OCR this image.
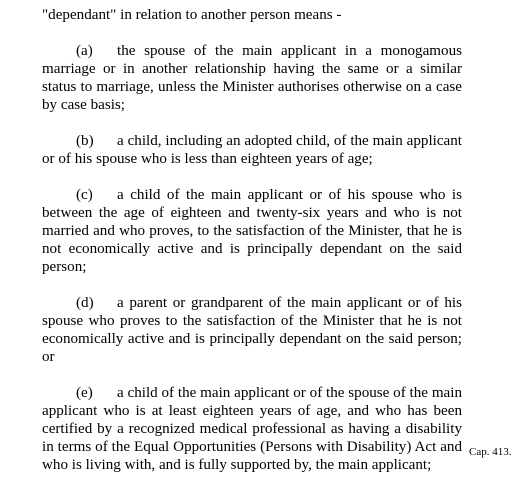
"dependant" in relation to another person means -

(a) the spouse of the main applicant in a monogamous marriage or in another relationship having the same or a similar status to marriage, unless the Minister authorises otherwise on a case by case basis;

(b) a child, including an adopted child, of the main applicant or of his spouse who is less than eighteen years of age;

(c) a child of the main applicant or of his spouse who is between the age of eighteen and twenty-six years and who is not married and who proves, to the satisfaction of the Minister, that he is not economically active and is principally dependant on the said person;

(d) a parent or grandparent of the main applicant or of his spouse who proves to the satisfaction of the Minister that he is not economically active and is principally dependant on the said person; or

(e) a child of the main applicant or of the spouse of the main applicant who is at least eighteen years of age, and who has been certified by a recognized medical professional as having a disability in terms of the Equal Opportunities (Persons with Disability) Act and who is living with, and is fully supported by, the main applicant;

Cap. 413.
